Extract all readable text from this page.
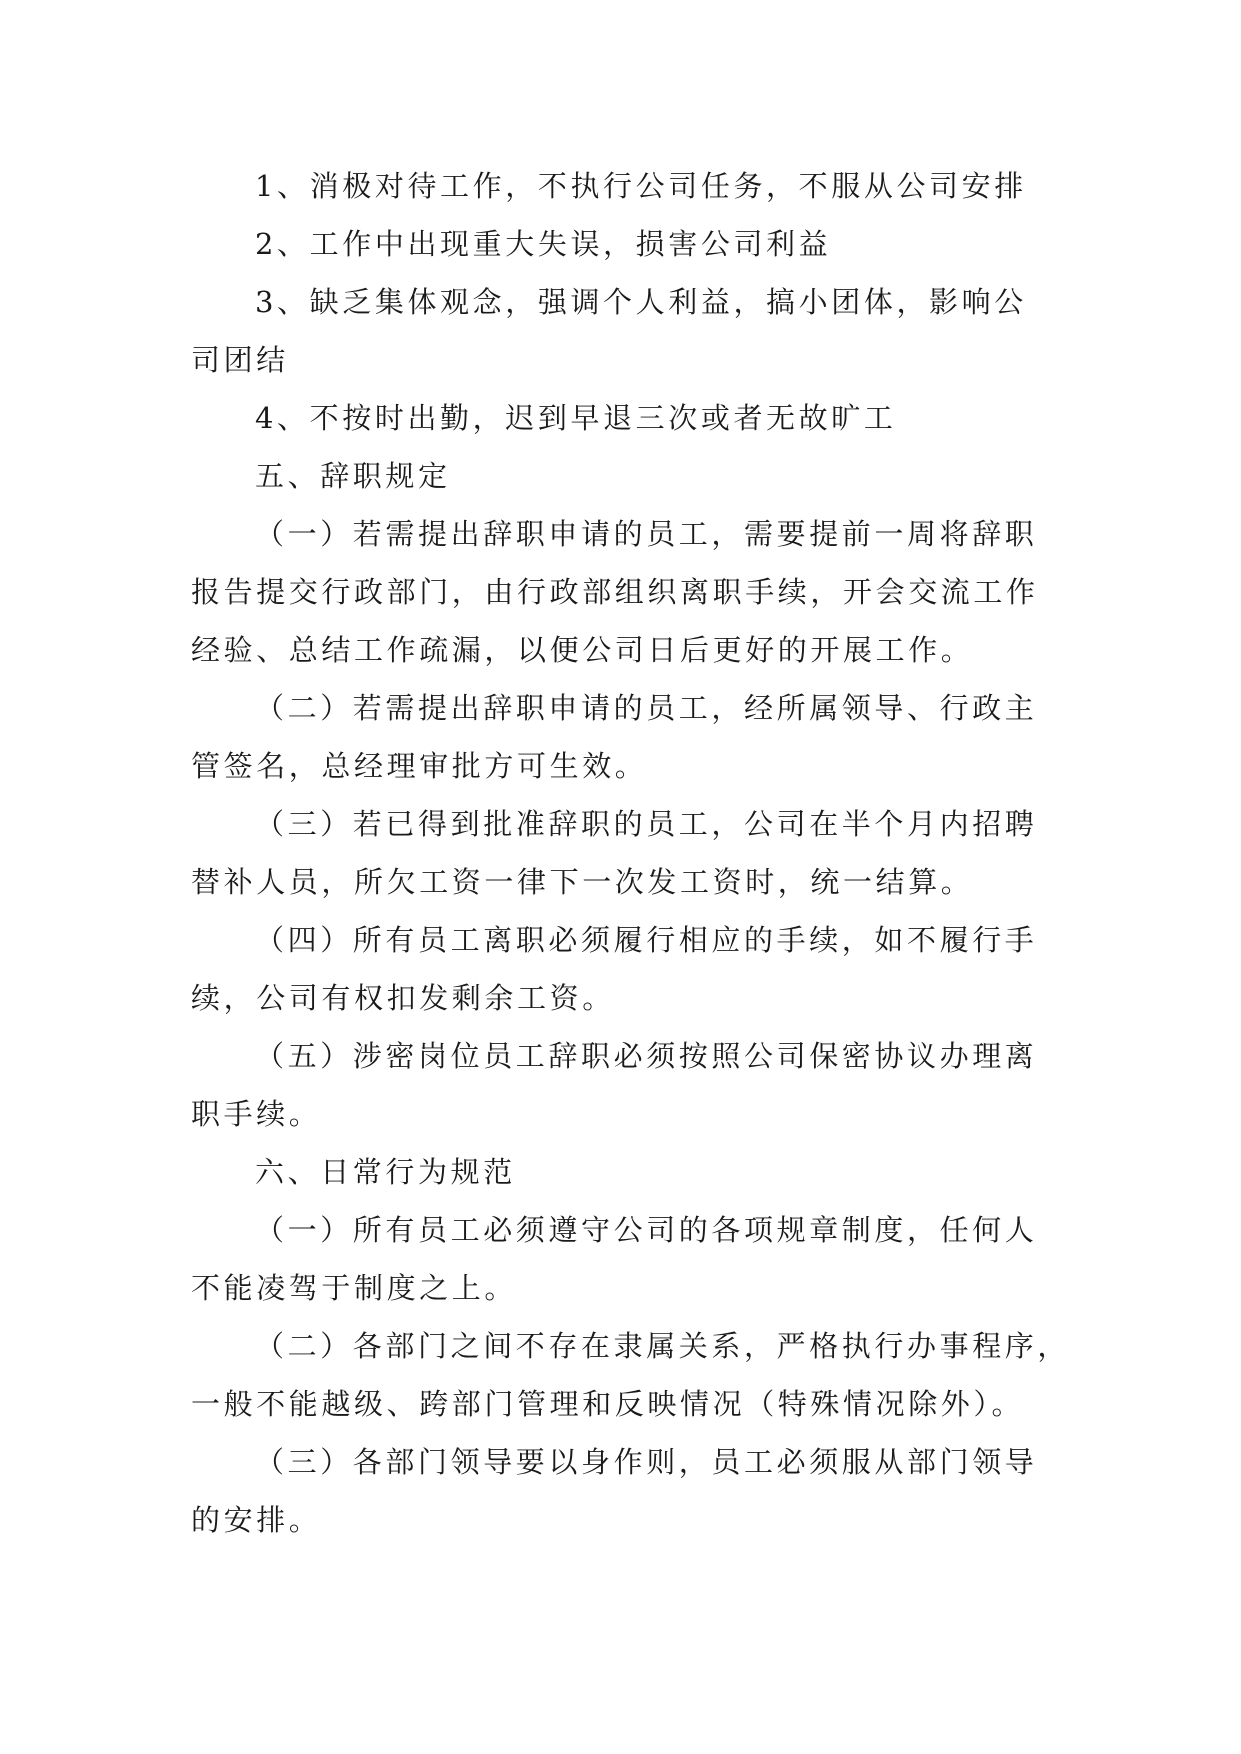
1、消极对待工作，不执行公司任务，不服从公司安排
2、工作中出现重大失误，损害公司利益
3、缺乏集体观念，强调个人利益，搞小团体，影响公
司团结
4、不按时出勤，迟到早退三次或者无故旷工
五、辞职规定
（一）若需提出辞职申请的员工，需要提前一周将辞职
报告提交行政部门，由行政部组织离职手续，开会交流工作
经验、总结工作疏漏，以便公司日后更好的开展工作。
（二）若需提出辞职申请的员工，经所属领导、行政主
管签名，总经理审批方可生效。
（三）若已得到批准辞职的员工，公司在半个月内招聘
替补人员，所欠工资一律下一次发工资时，统一结算。
（四）所有员工离职必须履行相应的手续，如不履行手
续，公司有权扣发剩余工资。
（五）涉密岗位员工辞职必须按照公司保密协议办理离
职手续。
六、日常行为规范
（一）所有员工必须遵守公司的各项规章制度，任何人
不能凌驾于制度之上。
（二）各部门之间不存在隶属关系，严格执行办事程序，
一般不能越级、跨部门管理和反映情况（特殊情况除外）。
（三）各部门领导要以身作则，员工必须服从部门领导
的安排。
